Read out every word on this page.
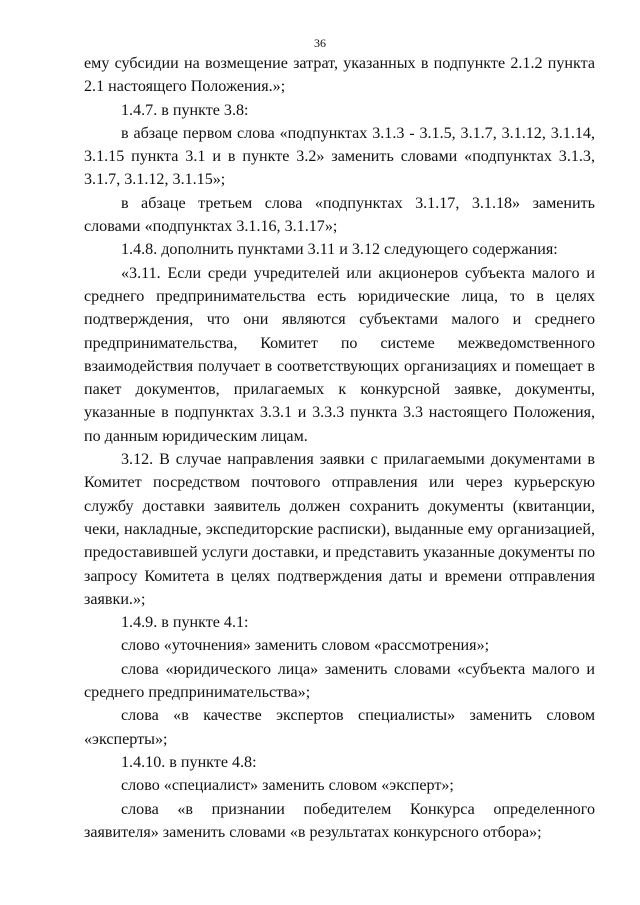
36

ему субсидии на возмещение затрат, указанных в подпункте 2.1.2 пункта 2.1 настоящего Положения.»;

1.4.7. в пункте 3.8:

в абзаце первом слова «подпунктах 3.1.3 - 3.1.5, 3.1.7, 3.1.12, 3.1.14, 3.1.15 пункта 3.1 и в пункте 3.2» заменить словами «подпунктах 3.1.3, 3.1.7, 3.1.12, 3.1.15»;

в абзаце третьем слова «подпунктах 3.1.17, 3.1.18» заменить словами «подпунктах 3.1.16, 3.1.17»;

1.4.8. дополнить пунктами 3.11 и 3.12 следующего содержания:

«3.11. Если среди учредителей или акционеров субъекта малого и среднего предпринимательства есть юридические лица, то в целях подтверждения, что они являются субъектами малого и среднего предпринимательства, Комитет по системе межведомственного взаимодействия получает в соответствующих организациях и помещает в пакет документов, прилагаемых к конкурсной заявке, документы, указанные в подпунктах 3.3.1 и 3.3.3 пункта 3.3 настоящего Положения, по данным юридическим лицам.

3.12. В случае направления заявки с прилагаемыми документами в Комитет посредством почтового отправления или через курьерскую службу доставки заявитель должен сохранить документы (квитанции, чеки, накладные, экспедиторские расписки), выданные ему организацией, предоставившей услуги доставки, и представить указанные документы по запросу Комитета в целях подтверждения даты и времени отправления заявки.»;

1.4.9. в пункте 4.1:

слово «уточнения» заменить словом «рассмотрения»;

слова «юридического лица» заменить словами «субъекта малого и среднего предпринимательства»;

слова «в качестве экспертов специалисты» заменить словом «эксперты»;

1.4.10. в пункте 4.8:

слово «специалист» заменить словом «эксперт»;

слова «в признании победителем Конкурса определенного заявителя» заменить словами «в результатах конкурсного отбора»;
